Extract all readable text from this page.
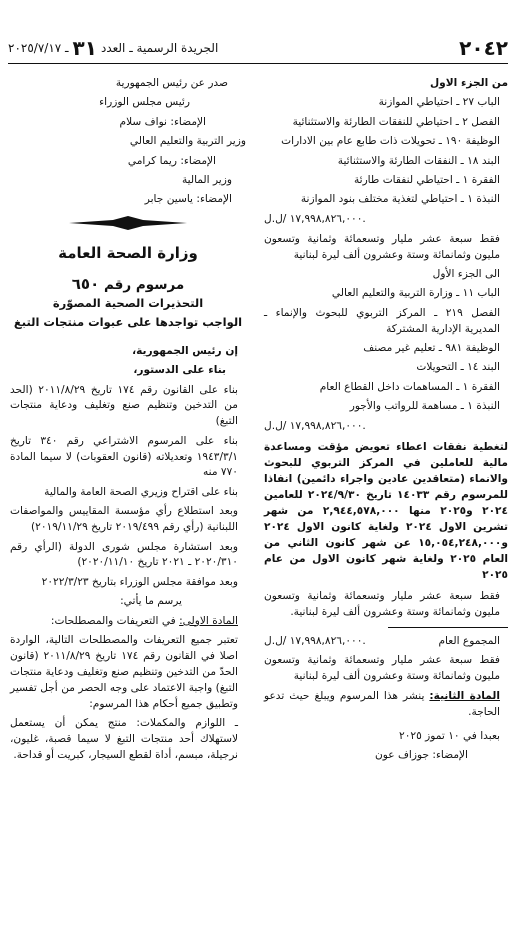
٢٠٤٢
الجريدة الرسمية ـ العدد
٣١
ـ ٢٠٢٥/٧/١٧
من الجزء الاول
الباب ٢٧ ـ احتياطي الموازنة
الفصل ٢ ـ احتياطي للنفقات الطارئة والاستثنائية
الوظيفة ١٩٠ ـ تحويلات ذات طابع عام بين الادارات
البند ١٨ ـ النفقات الطارئة والاستثنائية
الفقرة ١ ـ احتياطي لنفقات طارئة
النبذة ١ ـ احتياطي لتغذية مختلف بنود الموازنة
١٧,٩٩٨,٨٢٦,٠٠٠ /ل.ل.
فقط سبعة عشر مليار وتسعمائة وثمانية وتسعون مليون وثمانمائة وستة وعشرون ألف ليرة لبنانية
الى الجزء الأول
الباب ١١ ـ وزارة التربية والتعليم العالي
الفصل ٢١٩ ـ المركز التربوي للبحوث والإنماء ـ المديرية الإدارية المشتركة
الوظيفة ٩٨١ ـ تعليم غير مصنف
البند ١٤ ـ التحويلات
الفقرة ١ ـ المساهمات داخل القطاع العام
النبذة ١ ـ مساهمة للرواتب والأجور
١٧,٩٩٨,٨٢٦,٠٠٠ /ل.ل.
لتغطية نفقات اعطاء تعويض مؤقت ومساعدة مالية للعاملين في المركز التربوي للبحوث والانماء (متعاقدين عادين واجراء دائمين) انفاذا للمرسوم رقم ١٤٠٣٣ تاريخ ٢٠٢٤/٩/٣٠ للعامين ٢٠٢٤ و٢٠٢٥ منها ٢,٩٤٤,٥٧٨,٠٠٠ من شهر تشرين الاول ٢٠٢٤ ولغاية كانون الاول ٢٠٢٤ و١٥,٠٥٤,٢٤٨,٠٠٠ عن شهر كانون الثاني من العام ٢٠٢٥ ولغاية شهر كانون الاول من عام ٢٠٢٥
فقط سبعة عشر مليار وتسعمائة وثمانية وتسعون مليون وثمانمائة وستة وعشرون ألف ليرة لبنانية.
المجموع العام
١٧,٩٩٨,٨٢٦,٠٠٠ /ل.ل.
فقط سبعة عشر مليار وتسعمائة وثمانية وتسعون مليون وثمانمائة وستة وعشرون ألف ليرة لبنانية
المادة الثانية: ينشر هذا المرسوم ويبلغ حيث تدعو الحاجة.
بعبدا في ١٠ تموز ٢٠٢٥
الإمضاء: جوزاف عون
صدر عن رئيس الجمهورية
رئيس مجلس الوزراء
الإمضاء: نواف سلام
وزير التربية والتعليم العالي
الإمضاء: ريما كرامي
وزير المالية
الإمضاء: ياسين جابر
وزارة الصحة العامة
مرسوم رقم ٦٥٠
التحذيرات الصحية المصوّرة
الواجب تواجدها على عبوات منتجات التبغ
إن رئيس الجمهورية،
بناء على الدستور،
بناء على القانون رقم ١٧٤ تاريخ ٢٠١١/٨/٢٩ (الحد من التدخين وتنظيم صنع وتغليف ودعاية منتجات التبغ)
بناء على المرسوم الاشتراعي رقم ٣٤٠ تاريخ ١٩٤٣/٣/١ وتعديلاته (قانون العقوبات) لا سيما المادة ٧٧٠ منه
بناء على اقتراح وزيري الصحة العامة والمالية
وبعد استطلاع رأي مؤسسة المقاييس والمواصفات اللبنانية (رأي رقم ٢٠١٩/٤٩٩ تاريخ ٢٠١٩/١١/٢٩)
وبعد استشارة مجلس شورى الدولة (الرأي رقم ٢٠٢٠/٣١٠ ـ ٢٠٢١ تاريخ ٢٠٢٠/١١/١٠)
وبعد موافقة مجلس الوزراء بتاريخ ٢٠٢٢/٣/٢٣
يرسم ما يأتي:
المادة الاولى: في التعريفات والمصطلحات:
تعتبر جميع التعريفات والمصطلحات التالية، الواردة اصلا في القانون رقم ١٧٤ تاريخ ٢٠١١/٨/٢٩ (قانون الحدّ من التدخين وتنظيم صنع وتغليف ودعاية منتجات التبغ) واجبة الاعتماد على وجه الحصر من أجل تفسير وتطبيق جميع أحكام هذا المرسوم:
ـ اللوازم والمكملات: منتج يمكن أن يستعمل لاستهلاك أحد منتجات التبغ لا سيما قصبة، غليون، نرجيلة، مبسم، أداة لقطع السيجار، كبريت أو قداحة.
